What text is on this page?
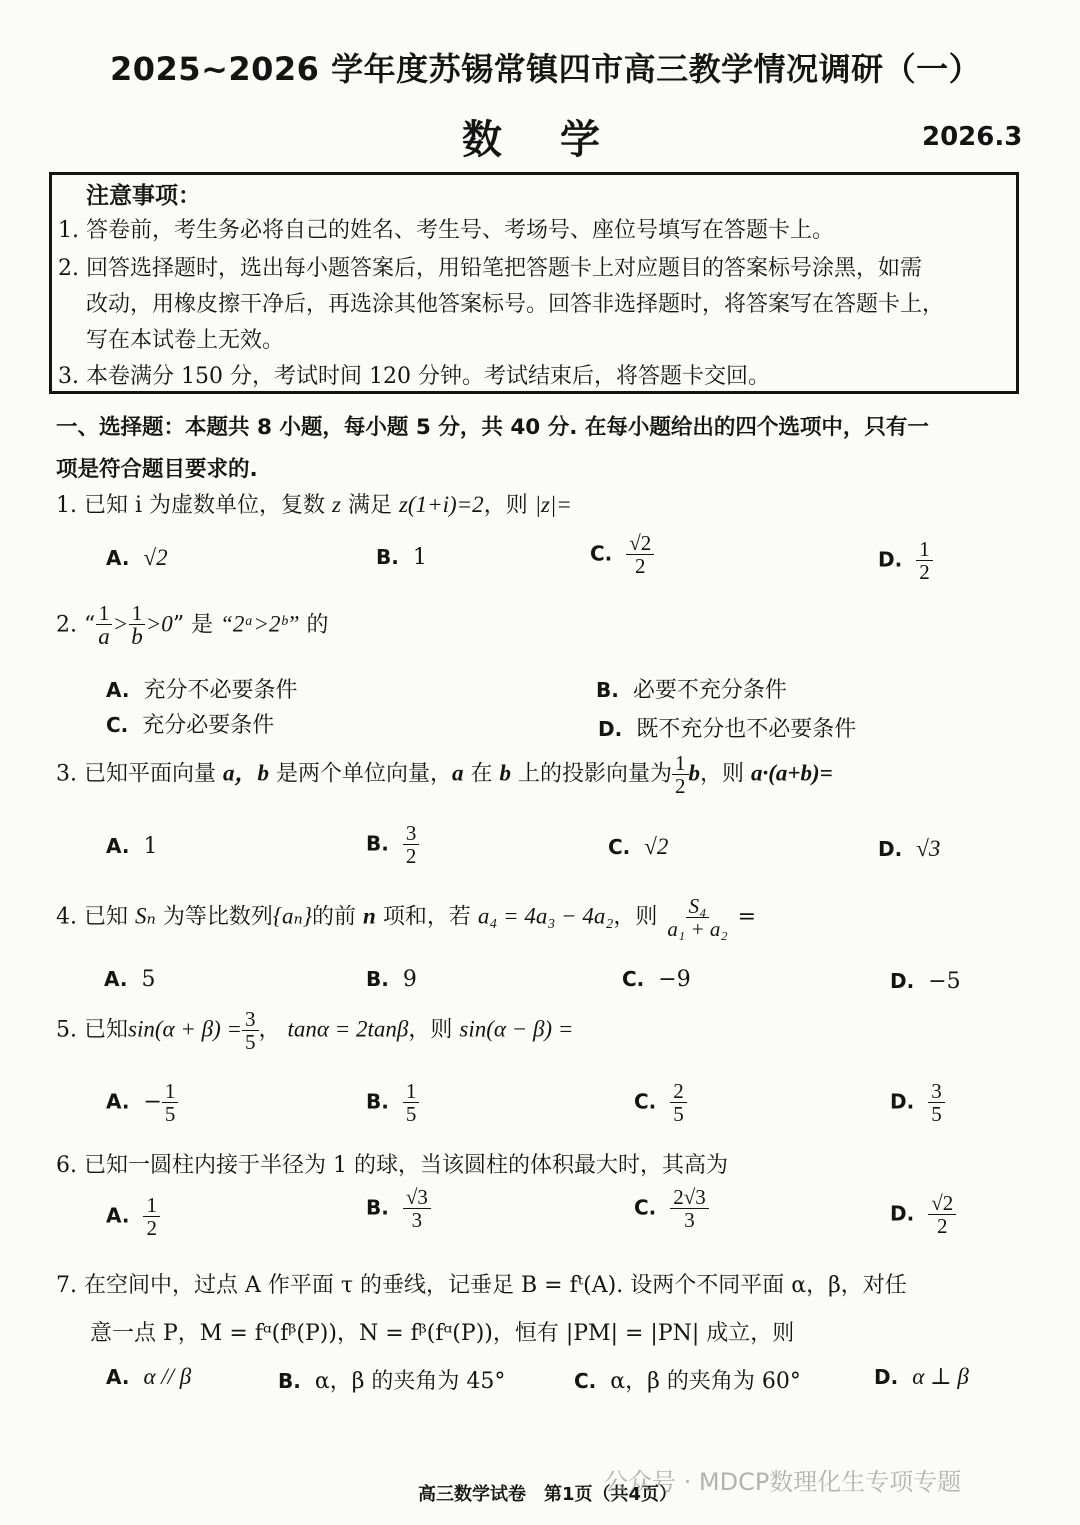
2025~2026 学年度苏锡常镇四市高三教学情况调研（一）
数学	2026.3
注意事项：
1. 答卷前，考生务必将自己的姓名、考生号、考场号、座位号填写在答题卡上。
2. 回答选择题时，选出每小题答案后，用铅笔把答题卡上对应题目的答案标号涂黑，如需
改动，用橡皮擦干净后，再选涂其他答案标号。回答非选择题时，将答案写在答题卡上，
写在本试卷上无效。
3. 本卷满分 150 分，考试时间 120 分钟。考试结束后，将答题卡交回。
一、选择题：本题共 8 小题，每小题 5 分，共 40 分. 在每小题给出的四个选项中，只有一
项是符合题目要求的.
1. 已知 i 为虚数单位，复数 z 满足 z(1+i)=2，则 |z|=
A. √2	B. 1	C. $\frac{√2}{2}$	D. $\frac{1}{2}$
2. “ $\frac{1}{a} > \frac{1}{b} >0$” 是 “2ᵃ>2ᵇ” 的
A. 充分不必要条件	B. 必要不充分条件
C. 充分必要条件	D. 既不充分也不必要条件
3. 已知平面向量 a，b 是两个单位向量，a 在 b 上的投影向量为 $\frac{1}{2}$ b，则 a·(a+b)=
A. 1	B. $\frac{3}{2}$	C. √2	D. √3
4. 已知 Sₙ 为等比数列{aₙ}的前 n 项和，若 a₄ = 4a₃ − 4a₂，则 $\frac{\text{S₄}}{\text{a₁ + a₂}}$ =
A. 5	B. 9	C. −9	D. −5
5. 已知$\sin(\alpha + \beta) = \frac{3}{5}$ ， tanα = 2tanβ，则 sin(α − β) =
A. − $\frac{1}{5}$	B. $\frac{1}{5}$	C. $\frac{2}{5}$	D. $\frac{3}{5}$
6. 已知一圆柱内接于半径为 1 的球，当该圆柱的体积最大时，其高为
A. $\frac{1}{2}$	B. $\frac{√3}{3}$	C. $\frac{2√3}{3}$	D. $\frac{√2}{2}$
7. 在空间中，过点 A 作平面 τ 的垂线，记垂足 B = fᵗ(A). 设两个不同平面 α，β，对任
意一点 P，M = fᵅ(fᵝ(P))，N = fᵝ(fᵅ(P))，恒有 |PM| = |PN| 成立，则
A. α // β	B. α，β 的夹角为 45°	C. α，β 的夹角为 60°	D. α ⊥ β
高三数学试卷　第1页（共4页）
公众号 · MDCP数理化生专项专题
